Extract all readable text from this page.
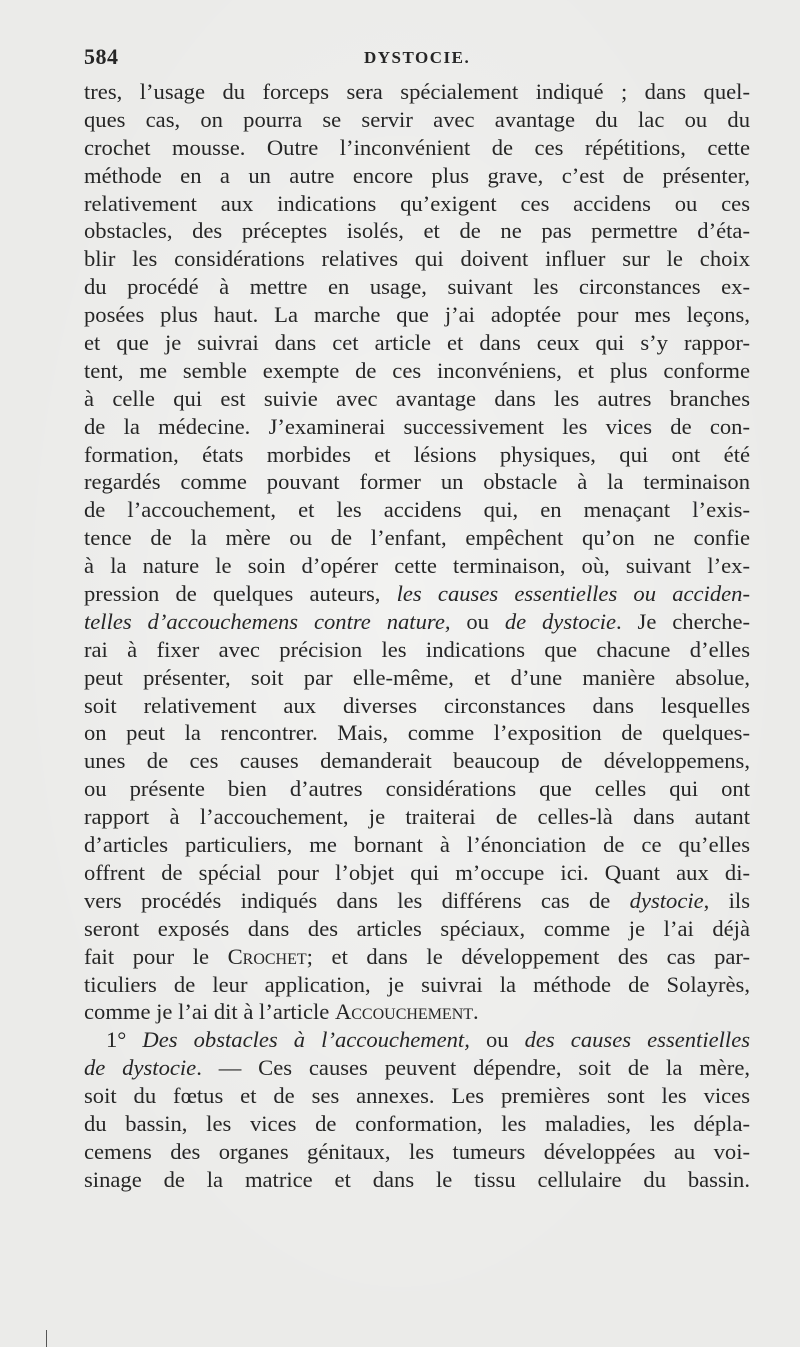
584	DYSTOCIE.
tres, l’usage du forceps sera spécialement indiqué ; dans quel-
ques cas, on pourra se servir avec avantage du lac ou du
crochet mousse. Outre l’inconvénient de ces répétitions, cette
méthode en a un autre encore plus grave, c’est de présenter,
relativement aux indications qu’exigent ces accidens ou ces
obstacles, des préceptes isolés, et de ne pas permettre d’éta-
blir les considérations relatives qui doivent influer sur le choix
du procédé à mettre en usage, suivant les circonstances ex-
posées plus haut. La marche que j’ai adoptée pour mes leçons,
et que je suivrai dans cet article et dans ceux qui s’y rappor-
tent, me semble exempte de ces inconvéniens, et plus conforme
à celle qui est suivie avec avantage dans les autres branches
de la médecine. J’examinerai successivement les vices de con-
formation, états morbides et lésions physiques, qui ont été
regardés comme pouvant former un obstacle à la terminaison
de l’accouchement, et les accidens qui, en menaçant l’exis-
tence de la mère ou de l’enfant, empêchent qu’on ne confie
à la nature le soin d’opérer cette terminaison, où, suivant l’ex-
pression de quelques auteurs, les causes essentielles ou acciden-
telles d’accouchemens contre nature, ou de dystocie. Je cherche-
rai à fixer avec précision les indications que chacune d’elles
peut présenter, soit par elle-même, et d’une manière absolue,
soit relativement aux diverses circonstances dans lesquelles
on peut la rencontrer. Mais, comme l’exposition de quelques-
unes de ces causes demanderait beaucoup de développemens,
ou présente bien d’autres considérations que celles qui ont
rapport à l’accouchement, je traiterai de celles-là dans autant
d’articles particuliers, me bornant à l’énonciation de ce qu’elles
offrent de spécial pour l’objet qui m’occupe ici. Quant aux di-
vers procédés indiqués dans les différens cas de dystocie, ils
seront exposés dans des articles spéciaux, comme je l’ai déjà
fait pour le Crochet; et dans le développement des cas par-
ticuliers de leur application, je suivrai la méthode de Solayrès,
comme je l’ai dit à l’article Accouchement.
1° Des obstacles à l’accouchement, ou des causes essentielles
de dystocie. — Ces causes peuvent dépendre, soit de la mère,
soit du fœtus et de ses annexes. Les premières sont les vices
du bassin, les vices de conformation, les maladies, les dépla-
cemens des organes génitaux, les tumeurs développées au voi-
sinage de la matrice et dans le tissu cellulaire du bassin.
